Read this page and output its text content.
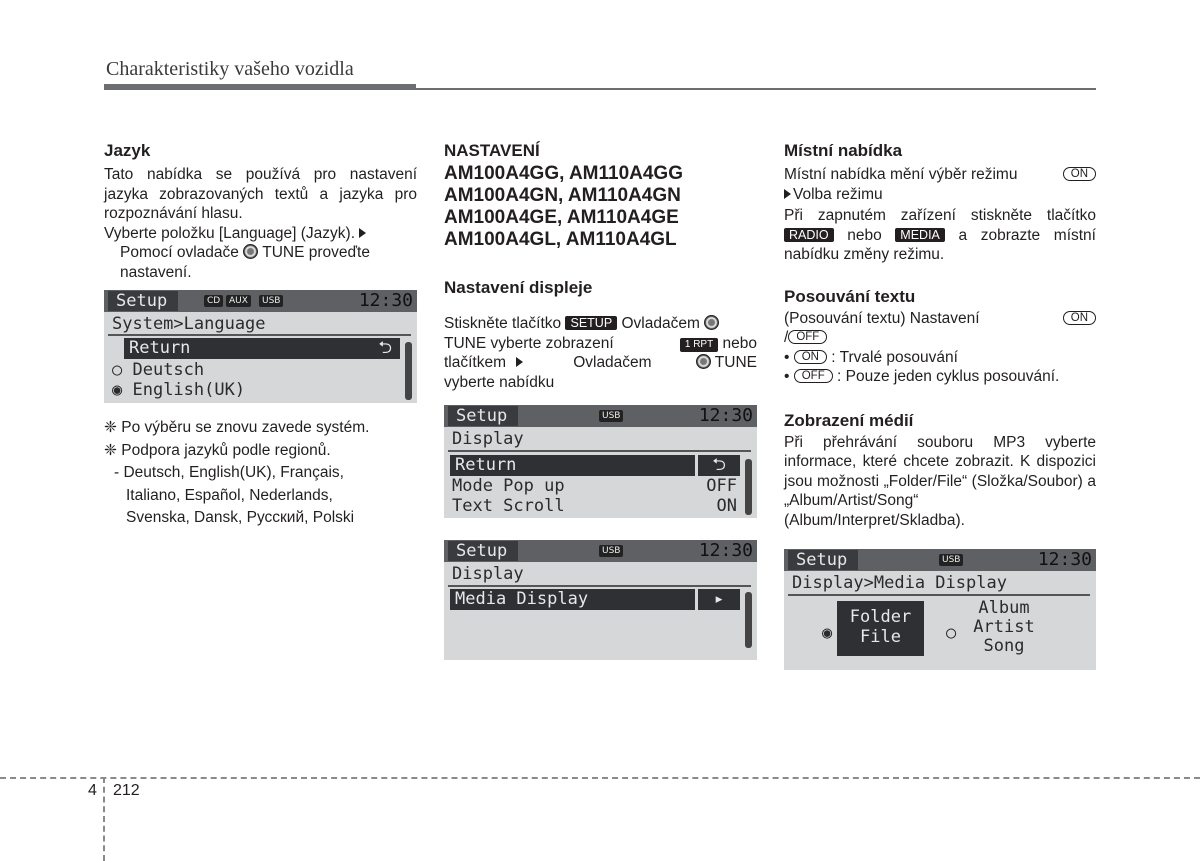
Charakteristiky vašeho vozidla

Jazyk

Tato nabídka se používá pro nastavení jazyka zobrazovaných textů a jazyka pro rozpoznávání hlasu.

Vyberte položku [Language] (Jazyk).

Pomocí ovladače TUNE proveďte nastavení.

Setup	CD AUX	USB	12:30
System>Language
Return	⮌
○ Deutsch
◉ English(UK)

❈ Po výběru se znovu zavede systém.

❈ Podpora jazyků podle regionů.

- Deutsch, English(UK), Français,

Italiano, Español, Nederlands,

Svenska, Dansk, Русский, Polski

NASTAVENÍ

AM100A4GG, AM110A4GG

AM100A4GN, AM110A4GN

AM100A4GE, AM110A4GE

AM100A4GL, AM110A4GL

Nastavení displeje

Stiskněte tlačítko SETUP Ovladačem

TUNE vyberte zobrazení	1 RPT nebo

tlačítkem	Ovladačem	TUNE

vyberte nabídku

Setup	USB	12:30
Display
Return	⮌
Mode Pop up	OFF
Text Scroll	ON
Setup	USB	12:30
Display
Media Display	▸

Místní nabídka

Místní nabídka mění výběr režimu	ON

Volba režimu

Při zapnutém zařízení stiskněte tlačítko RADIO nebo MEDIA a zobrazte místní nabídku změny režimu.

Posouvání textu

(Posouvání textu) Nastavení	ON

/ OFF

• ON : Trvalé posouvání

• OFF : Pouze jeden cyklus posouvání.

Zobrazení médií

Při přehrávání souboru MP3 vyberte informace, které chcete zobrazit. K dispozici jsou možnosti „Folder/File“ (Složka/Soubor) a „Album/Artist/Song“ (Album/Interpret/Skladba).

Setup	USB	12:30
Display>Media Display
◉
Folder
File	○
Album
Artist
Song
4 212
